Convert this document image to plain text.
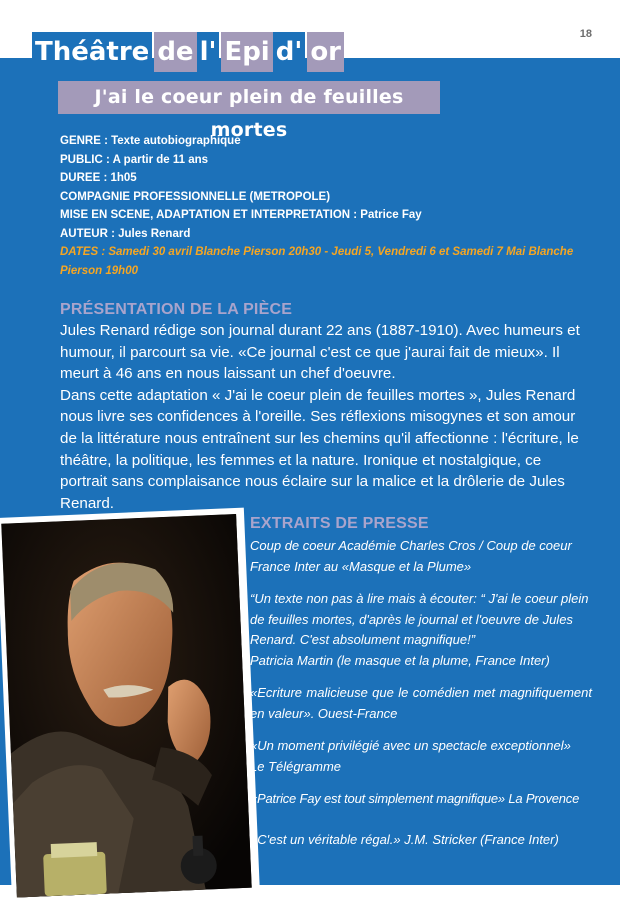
18
Théâtre de l' Epi d' or
J'ai le coeur plein de feuilles mortes
GENRE : Texte autobiographique
PUBLIC : A partir de 11 ans
DUREE : 1h05
COMPAGNIE PROFESSIONNELLE (METROPOLE)
MISE EN SCENE, ADAPTATION ET INTERPRETATION : Patrice Fay
AUTEUR : Jules Renard
DATES : Samedi 30 avril Blanche Pierson 20h30 - Jeudi 5, Vendredi 6 et Samedi 7 Mai Blanche Pierson 19h00
PRÉSENTATION DE LA PIÈCE

Jules Renard rédige son journal durant 22 ans (1887-1910). Avec humeurs et humour, il parcourt sa vie. «Ce journal c'est ce que j'aurai fait de mieux». Il meurt à 46 ans en nous laissant un chef d'oeuvre.

Dans cette adaptation « J'ai le coeur plein de feuilles mortes », Jules Renard nous livre ses confidences à l'oreille. Ses réflexions misogynes et son amour de la littérature nous entraînent sur les chemins qu'il affectionne : l'écriture, le théâtre, la politique, les femmes et la nature. Ironique et nostalgique, ce portrait sans complaisance nous éclaire sur la malice et la drôlerie de Jules Renard.

EXTRAITS DE PRESSE

Coup de coeur Académie Charles Cros / Coup de coeur France Inter au «Masque et la Plume»

“Un texte non pas à lire mais à écouter: “ J'ai le coeur plein de feuilles mortes, d'après le journal et l'oeuvre de Jules Renard. C'est absolument magnifique!”
Patricia Martin (le masque et la plume, France Inter)

«Ecriture malicieuse que le comédien met magnifiquement en valeur». Ouest-France

«Un moment privilégié avec un spectacle exceptionnel»
Le Télégramme

«Patrice Fay est tout simplement magnifique» La Provence

«C'est un véritable régal.» J.M. Stricker (France Inter)
